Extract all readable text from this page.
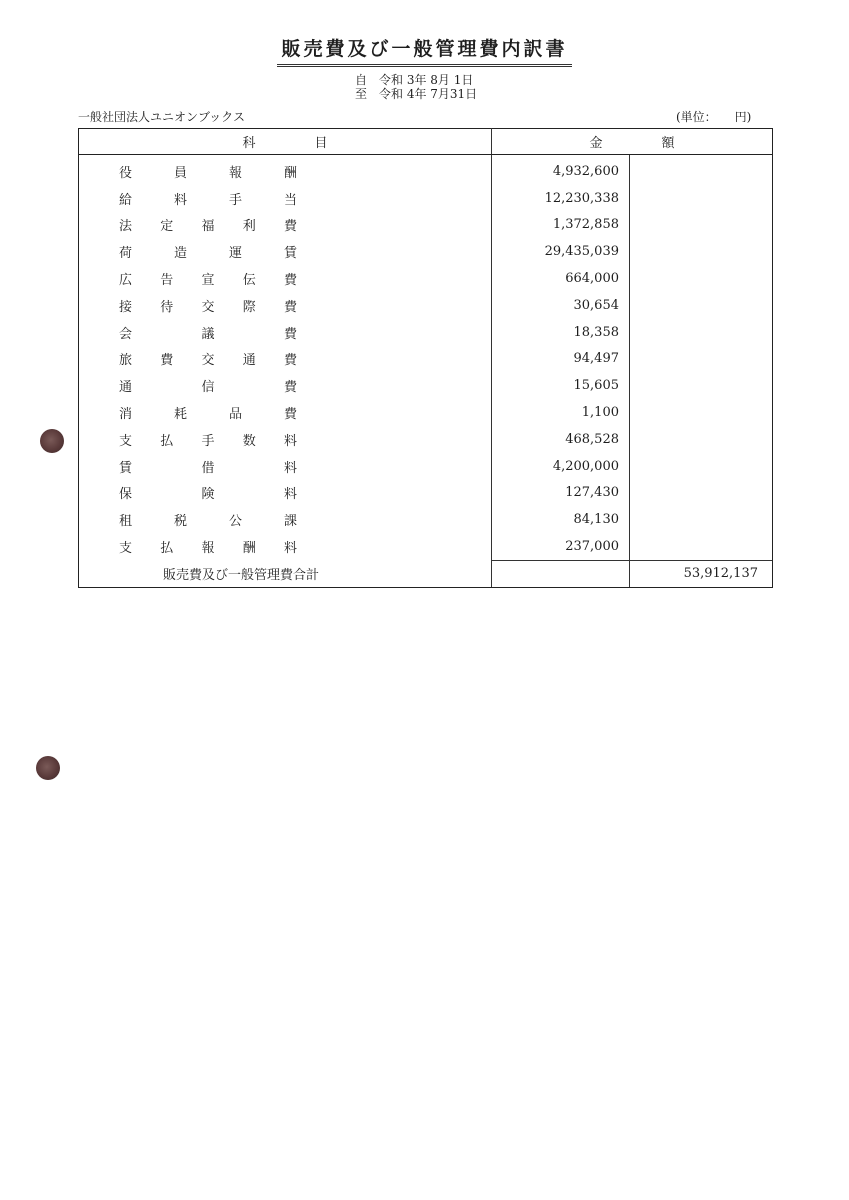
販売費及び一般管理費内訳書
自 令和 3年 8月 1日
至 令和 4年 7月31日
一般社団法人ユニオンブックス	(単位：　　円)
科 目	金 額	

役 員 報 酬	4,932,600	

給 料 手 当	12,230,338	

法 定 福 利 費	1,372,858	

荷 造 運 賃	29,435,039	

広 告 宣 伝 費	664,000	

接 待 交 際 費	30,654	

会 議 費	18,358	

旅 費 交 通 費	94,497	

通 信 費	15,605	

消 耗 品 費	1,100	

支 払 手 数 料	468,528	

賃 借 料	4,200,000	

保 険 料	127,430	

租 税 公 課	84,130	

支 払 報 酬 料	237,000	
販売費及び一般管理費合計		53,912,137
